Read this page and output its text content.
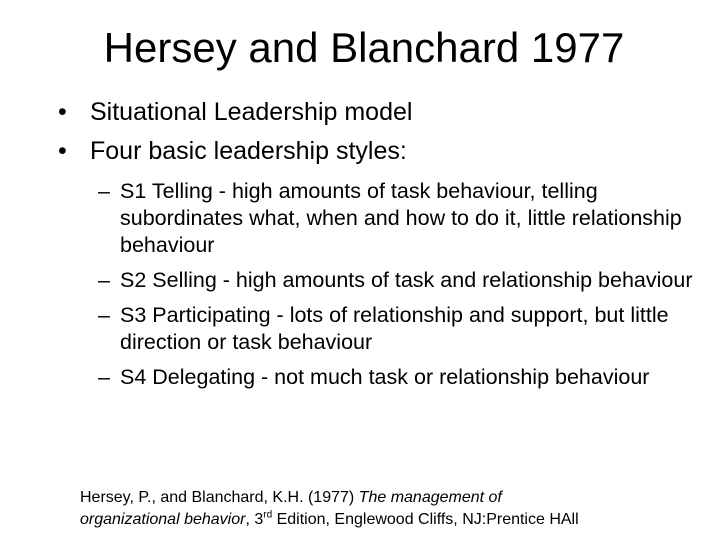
Hersey and Blanchard 1977
• Situational Leadership model
• Four basic leadership styles:
– S1 Telling - high amounts of task behaviour, telling subordinates what, when and how to do it, little relationship behaviour
– S2 Selling - high amounts of task and relationship behaviour
– S3 Participating - lots of relationship and support, but little direction or task behaviour
– S4 Delegating - not much task or relationship behaviour
Hersey, P., and Blanchard, K.H. (1977) The management of
organizational behavior, 3rd Edition, Englewood Cliffs, NJ:Prentice HAll
